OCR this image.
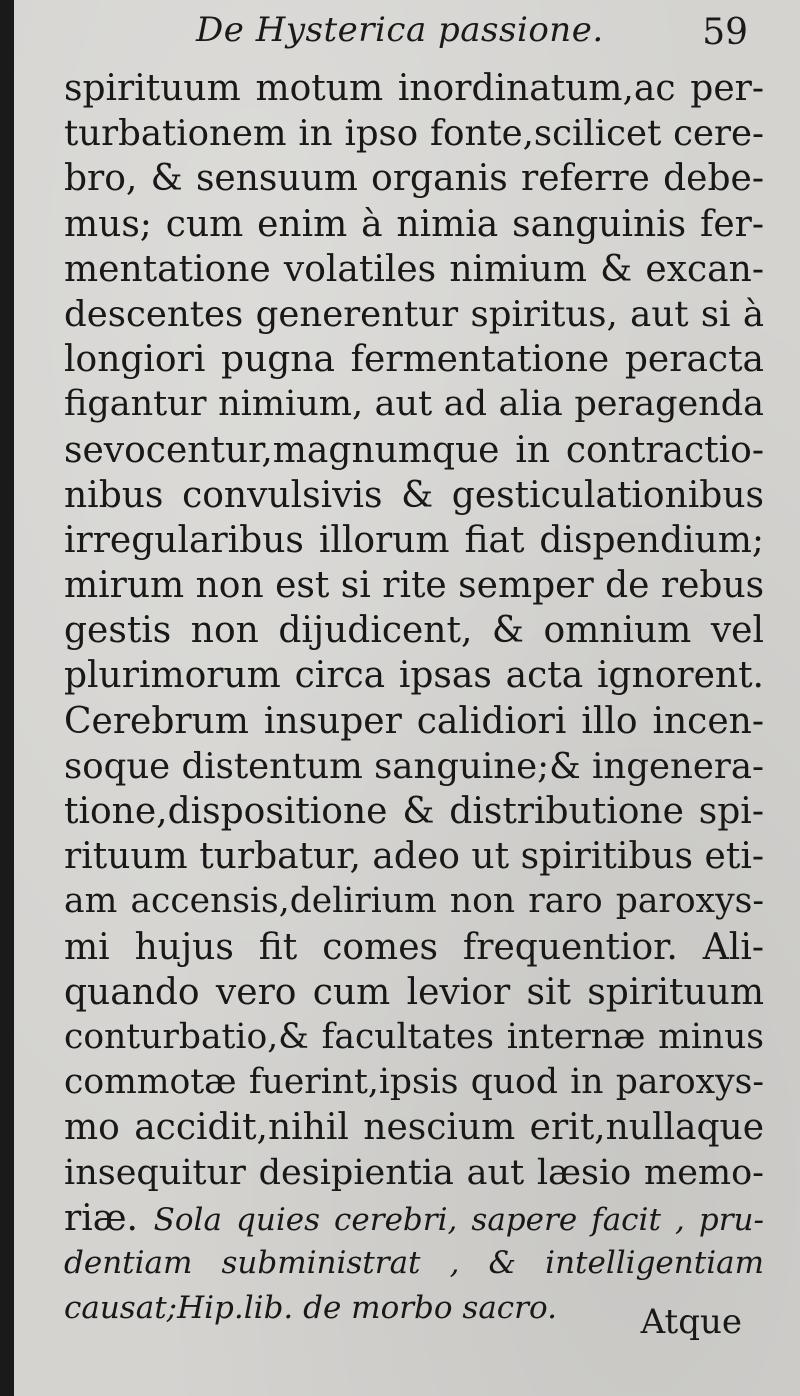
De Hysterica passione.	59
spirituum motum inordinatum,ac per-
turbationem in ipso fonte,scilicet cere-
bro, & sensuum organis referre debe-
mus; cum enim à nimia sanguinis fer-
mentatione volatiles nimium & excan-
descentes generentur spiritus, aut si à
longiori pugna fermentatione peracta
figantur nimium, aut ad alia peragenda
sevocentur,magnumque in contractio-
nibus convulsivis & gesticulationibus
irregularibus illorum fiat dispendium;
mirum non est si rite semper de rebus
gestis non dijudicent, & omnium vel
plurimorum circa ipsas acta ignorent.
Cerebrum insuper calidiori illo incen-
soque distentum sanguine;& ingenera-
tione,dispositione & distributione spi-
rituum turbatur, adeo ut spiritibus eti-
am accensis,delirium non raro paroxys-
mi hujus fit comes frequentior. Ali-
quando vero cum levior sit spirituum
conturbatio,& facultates internæ minus
commotæ fuerint,ipsis quod in paroxys-
mo accidit,nihil nescium erit,nullaque
insequitur desipientia aut læsio memo-
riæ. Sola quies cerebri, sapere facit , pru-
dentiam subministrat , & intelligentiam
causat;Hip.lib. de morbo sacro.	Atque
